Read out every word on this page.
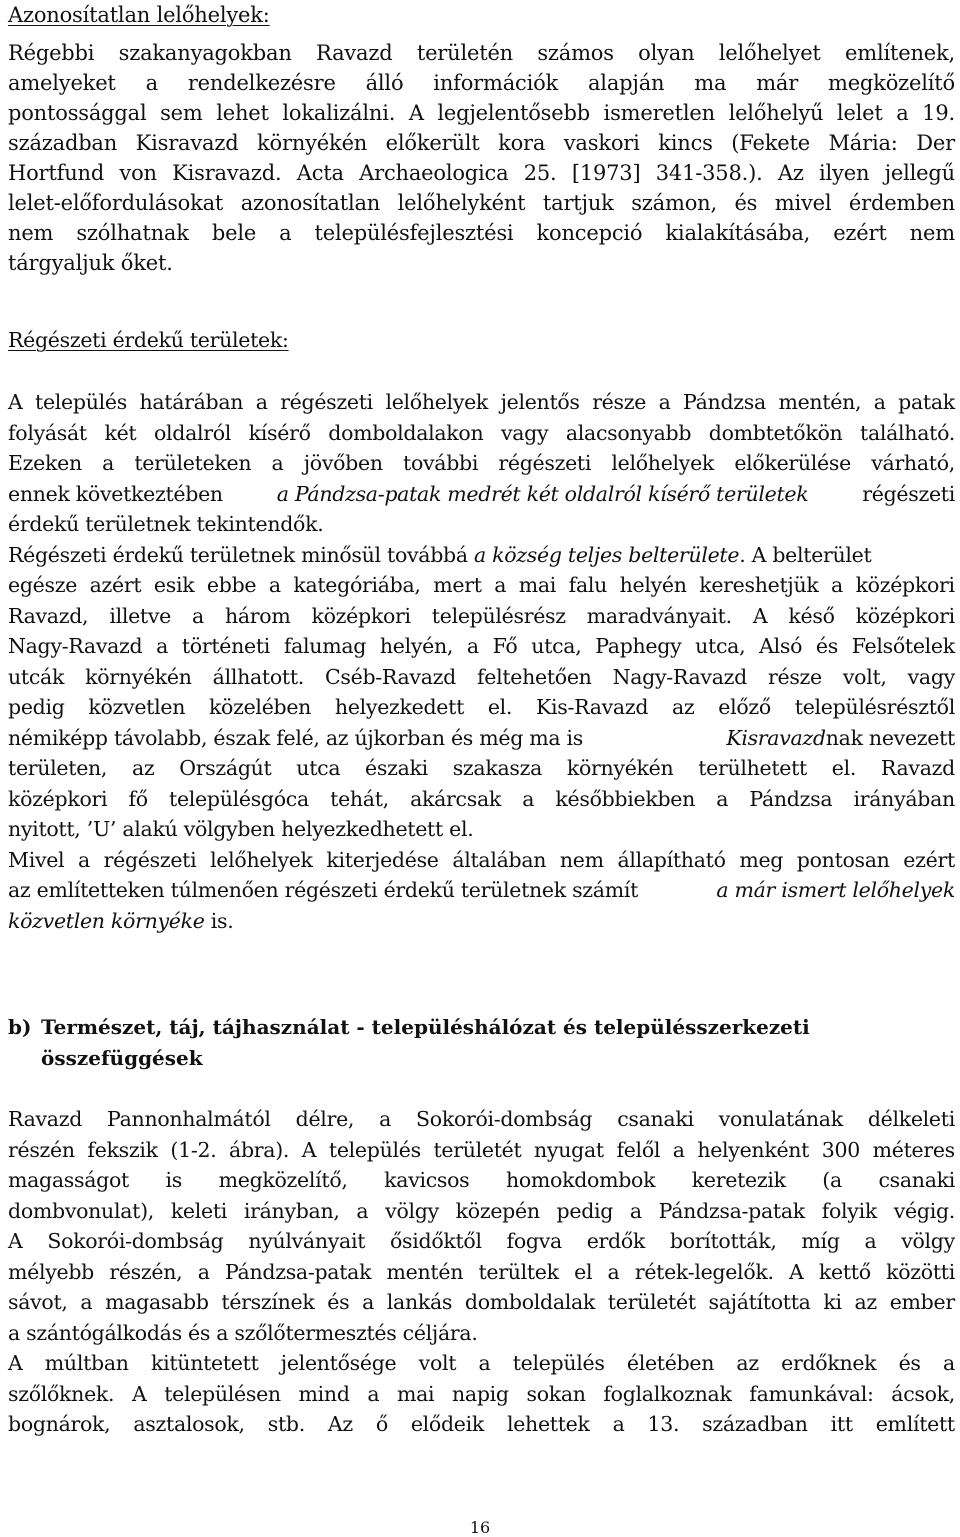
Azonosítatlan lelőhelyek:
Régebbi szakanyagokban Ravazd területén számos olyan lelőhelyet említenek,
amelyeket a rendelkezésre álló információk alapján ma már megközelítő
pontossággal sem lehet lokalizálni. A legjelentősebb ismeretlen lelőhelyű lelet a 19.
században Kisravazd környékén előkerült kora vaskori kincs (Fekete Mária: Der
Hortfund von Kisravazd. Acta Archaeologica 25. [1973] 341-358.). Az ilyen jellegű
lelet-előfordulásokat azonosítatlan lelőhelyként tartjuk számon, és mivel érdemben
nem szólhatnak bele a településfejlesztési koncepció kialakításába, ezért nem
tárgyaljuk őket.
Régészeti érdekű területek:
A település határában a régészeti lelőhelyek jelentős része a Pándzsa mentén, a patak
folyását két oldalról kísérő domboldalakon vagy alacsonyabb dombtetőkön található.
Ezeken a területeken a jövőben további régészeti lelőhelyek előkerülése várható,
ennek következtében	a Pándzsa-patak medrét két oldalról kísérő területek	régészeti
érdekű területnek tekintendők.
Régészeti érdekű területnek minősül továbbá a község teljes belterülete. A belterület
egésze azért esik ebbe a kategóriába, mert a mai falu helyén kereshetjük a középkori
Ravazd, illetve a három középkori településrész maradványait. A késő középkori
Nagy-Ravazd a történeti falumag helyén, a Fő utca, Paphegy utca, Alsó és Felsőtelek
utcák környékén állhatott. Cséb-Ravazd feltehetően Nagy-Ravazd része volt, vagy
pedig közvetlen közelében helyezkedett el. Kis-Ravazd az előző településrésztől
némiképp távolabb, észak felé, az újkorban és még ma is	Kisravazdnak nevezett
területen, az Országút utca északi szakasza környékén terülhetett el. Ravazd
középkori fő településgóca tehát, akárcsak a későbbiekben a Pándzsa irányában
nyitott, ’U’ alakú völgyben helyezkedhetett el.
Mivel a régészeti lelőhelyek kiterjedése általában nem állapítható meg pontosan ezért
az említetteken túlmenően régészeti érdekű területnek számít	a már ismert lelőhelyek
közvetlen környéke is.
b) Természet, táj, tájhasználat - településhálózat és településszerkezeti
összefüggések
Ravazd Pannonhalmától délre, a Sokorói-dombság csanaki vonulatának délkeleti
részén fekszik (1-2. ábra). A település területét nyugat felől a helyenként 300 méteres
magasságot is megközelítő, kavicsos homokdombok keretezik (a csanaki
dombvonulat), keleti irányban, a völgy közepén pedig a Pándzsa-patak folyik végig.
A Sokorói-dombság nyúlványait ősidőktől fogva erdők borították, míg a völgy
mélyebb részén, a Pándzsa-patak mentén terültek el a rétek-legelők. A kettő közötti
sávot, a magasabb térszínek és a lankás domboldalak területét sajátította ki az ember
a szántógálkodás és a szőlőtermesztés céljára.
A múltban kitüntetett jelentősége volt a település életében az erdőknek és a
szőlőknek. A településen mind a mai napig sokan foglalkoznak famunkával: ácsok,
bognárok, asztalosok, stb. Az ő elődeik lehettek a 13. században itt említett
16
